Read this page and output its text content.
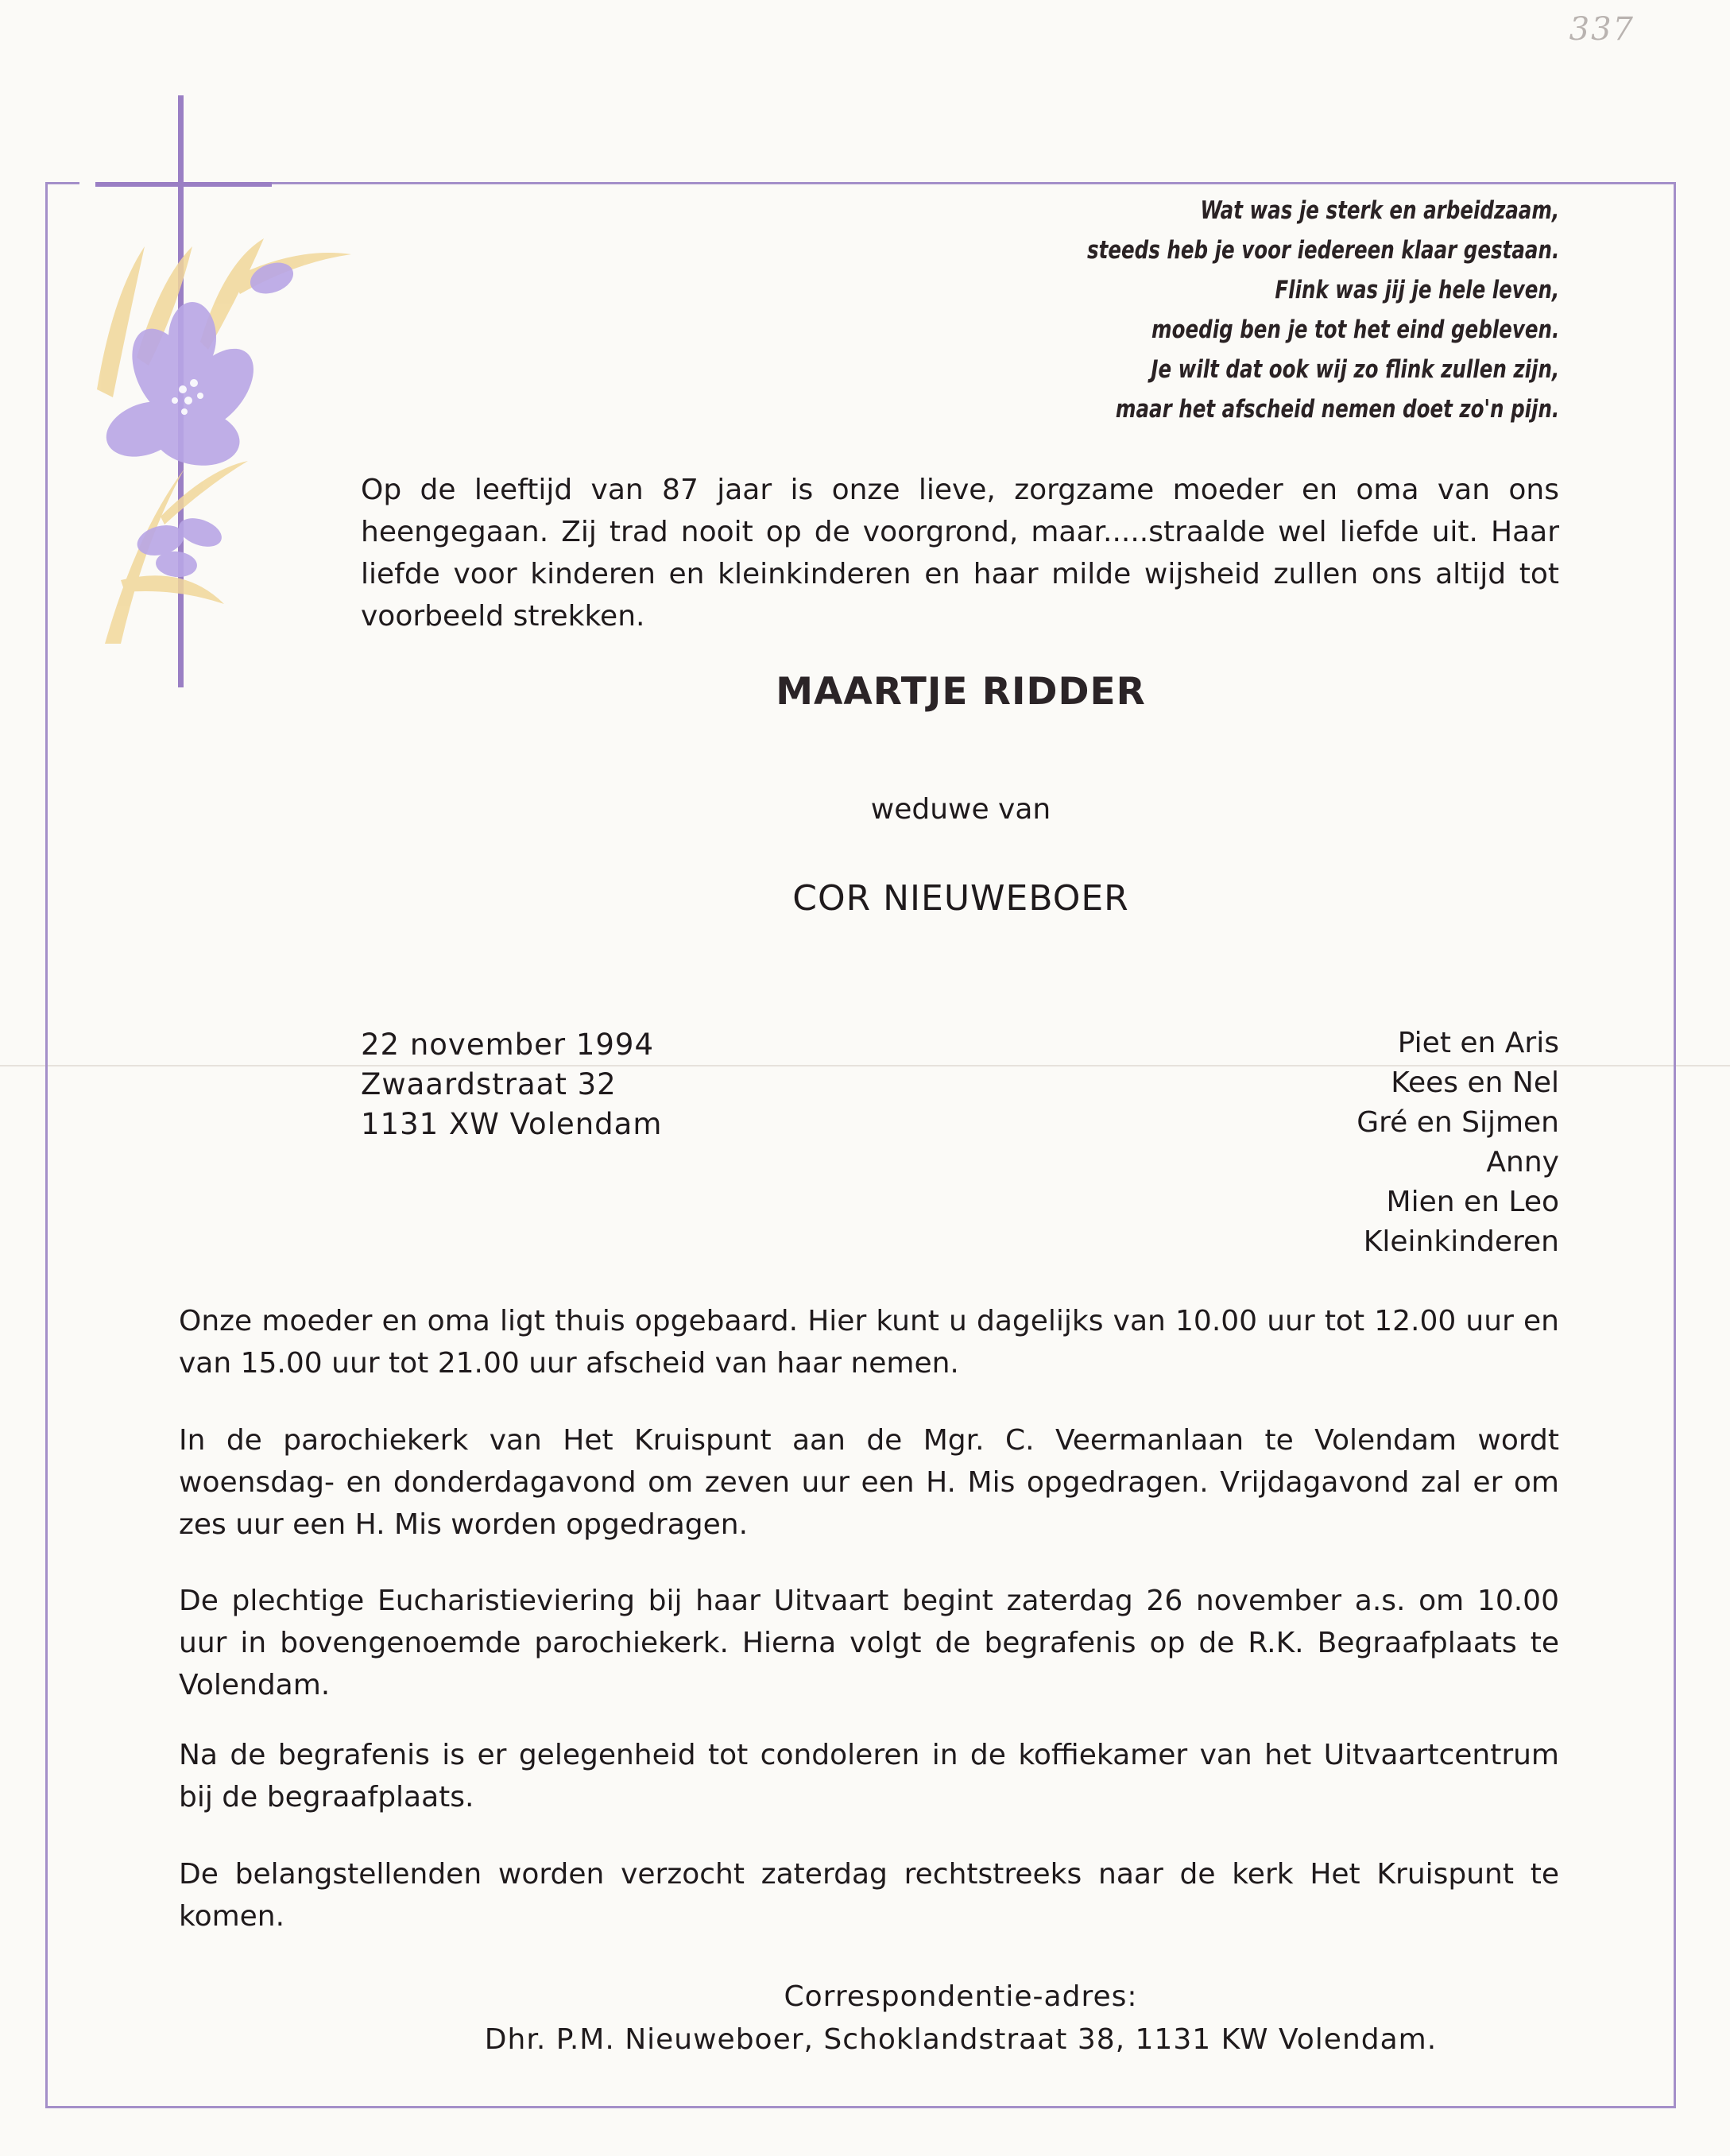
337
Wat was je sterk en arbeidzaam,
steeds heb je voor iedereen klaar gestaan.
Flink was jij je hele leven,
moedig ben je tot het eind gebleven.
Je wilt dat ook wij zo flink zullen zijn,
maar het afscheid nemen doet zo'n pijn.
Op de leeftijd van 87 jaar is onze lieve, zorgzame moeder en oma van ons heengegaan. Zij trad nooit op de voorgrond, maar.....straalde wel liefde uit. Haar liefde voor kinderen en kleinkinderen en haar milde wijsheid zullen ons altijd tot voorbeeld strekken.
MAARTJE RIDDER
weduwe van
COR NIEUWEBOER
22 november 1994
Zwaardstraat 32
1131 XW Volendam
Piet en Aris
Kees en Nel
Gré en Sijmen
Anny
Mien en Leo
Kleinkinderen
Onze moeder en oma ligt thuis opgebaard. Hier kunt u dagelijks van 10.00 uur tot 12.00 uur en van 15.00 uur tot 21.00 uur afscheid van haar nemen.
In de parochiekerk van Het Kruispunt aan de Mgr. C. Veermanlaan te Volendam wordt woensdag- en donderdagavond om zeven uur een H. Mis opgedragen. Vrijdagavond zal er om zes uur een H. Mis worden opgedragen.
De plechtige Eucharistieviering bij haar Uitvaart begint zaterdag 26 november a.s. om 10.00 uur in bovengenoemde parochiekerk. Hierna volgt de begrafenis op de R.K. Begraafplaats te Volendam.
Na de begrafenis is er gelegenheid tot condoleren in de koffiekamer van het Uitvaartcentrum bij de begraafplaats.
De belangstellenden worden verzocht zaterdag rechtstreeks naar de kerk Het Kruispunt te komen.
Correspondentie-adres:
Dhr. P.M. Nieuweboer, Schoklandstraat 38, 1131 KW Volendam.
